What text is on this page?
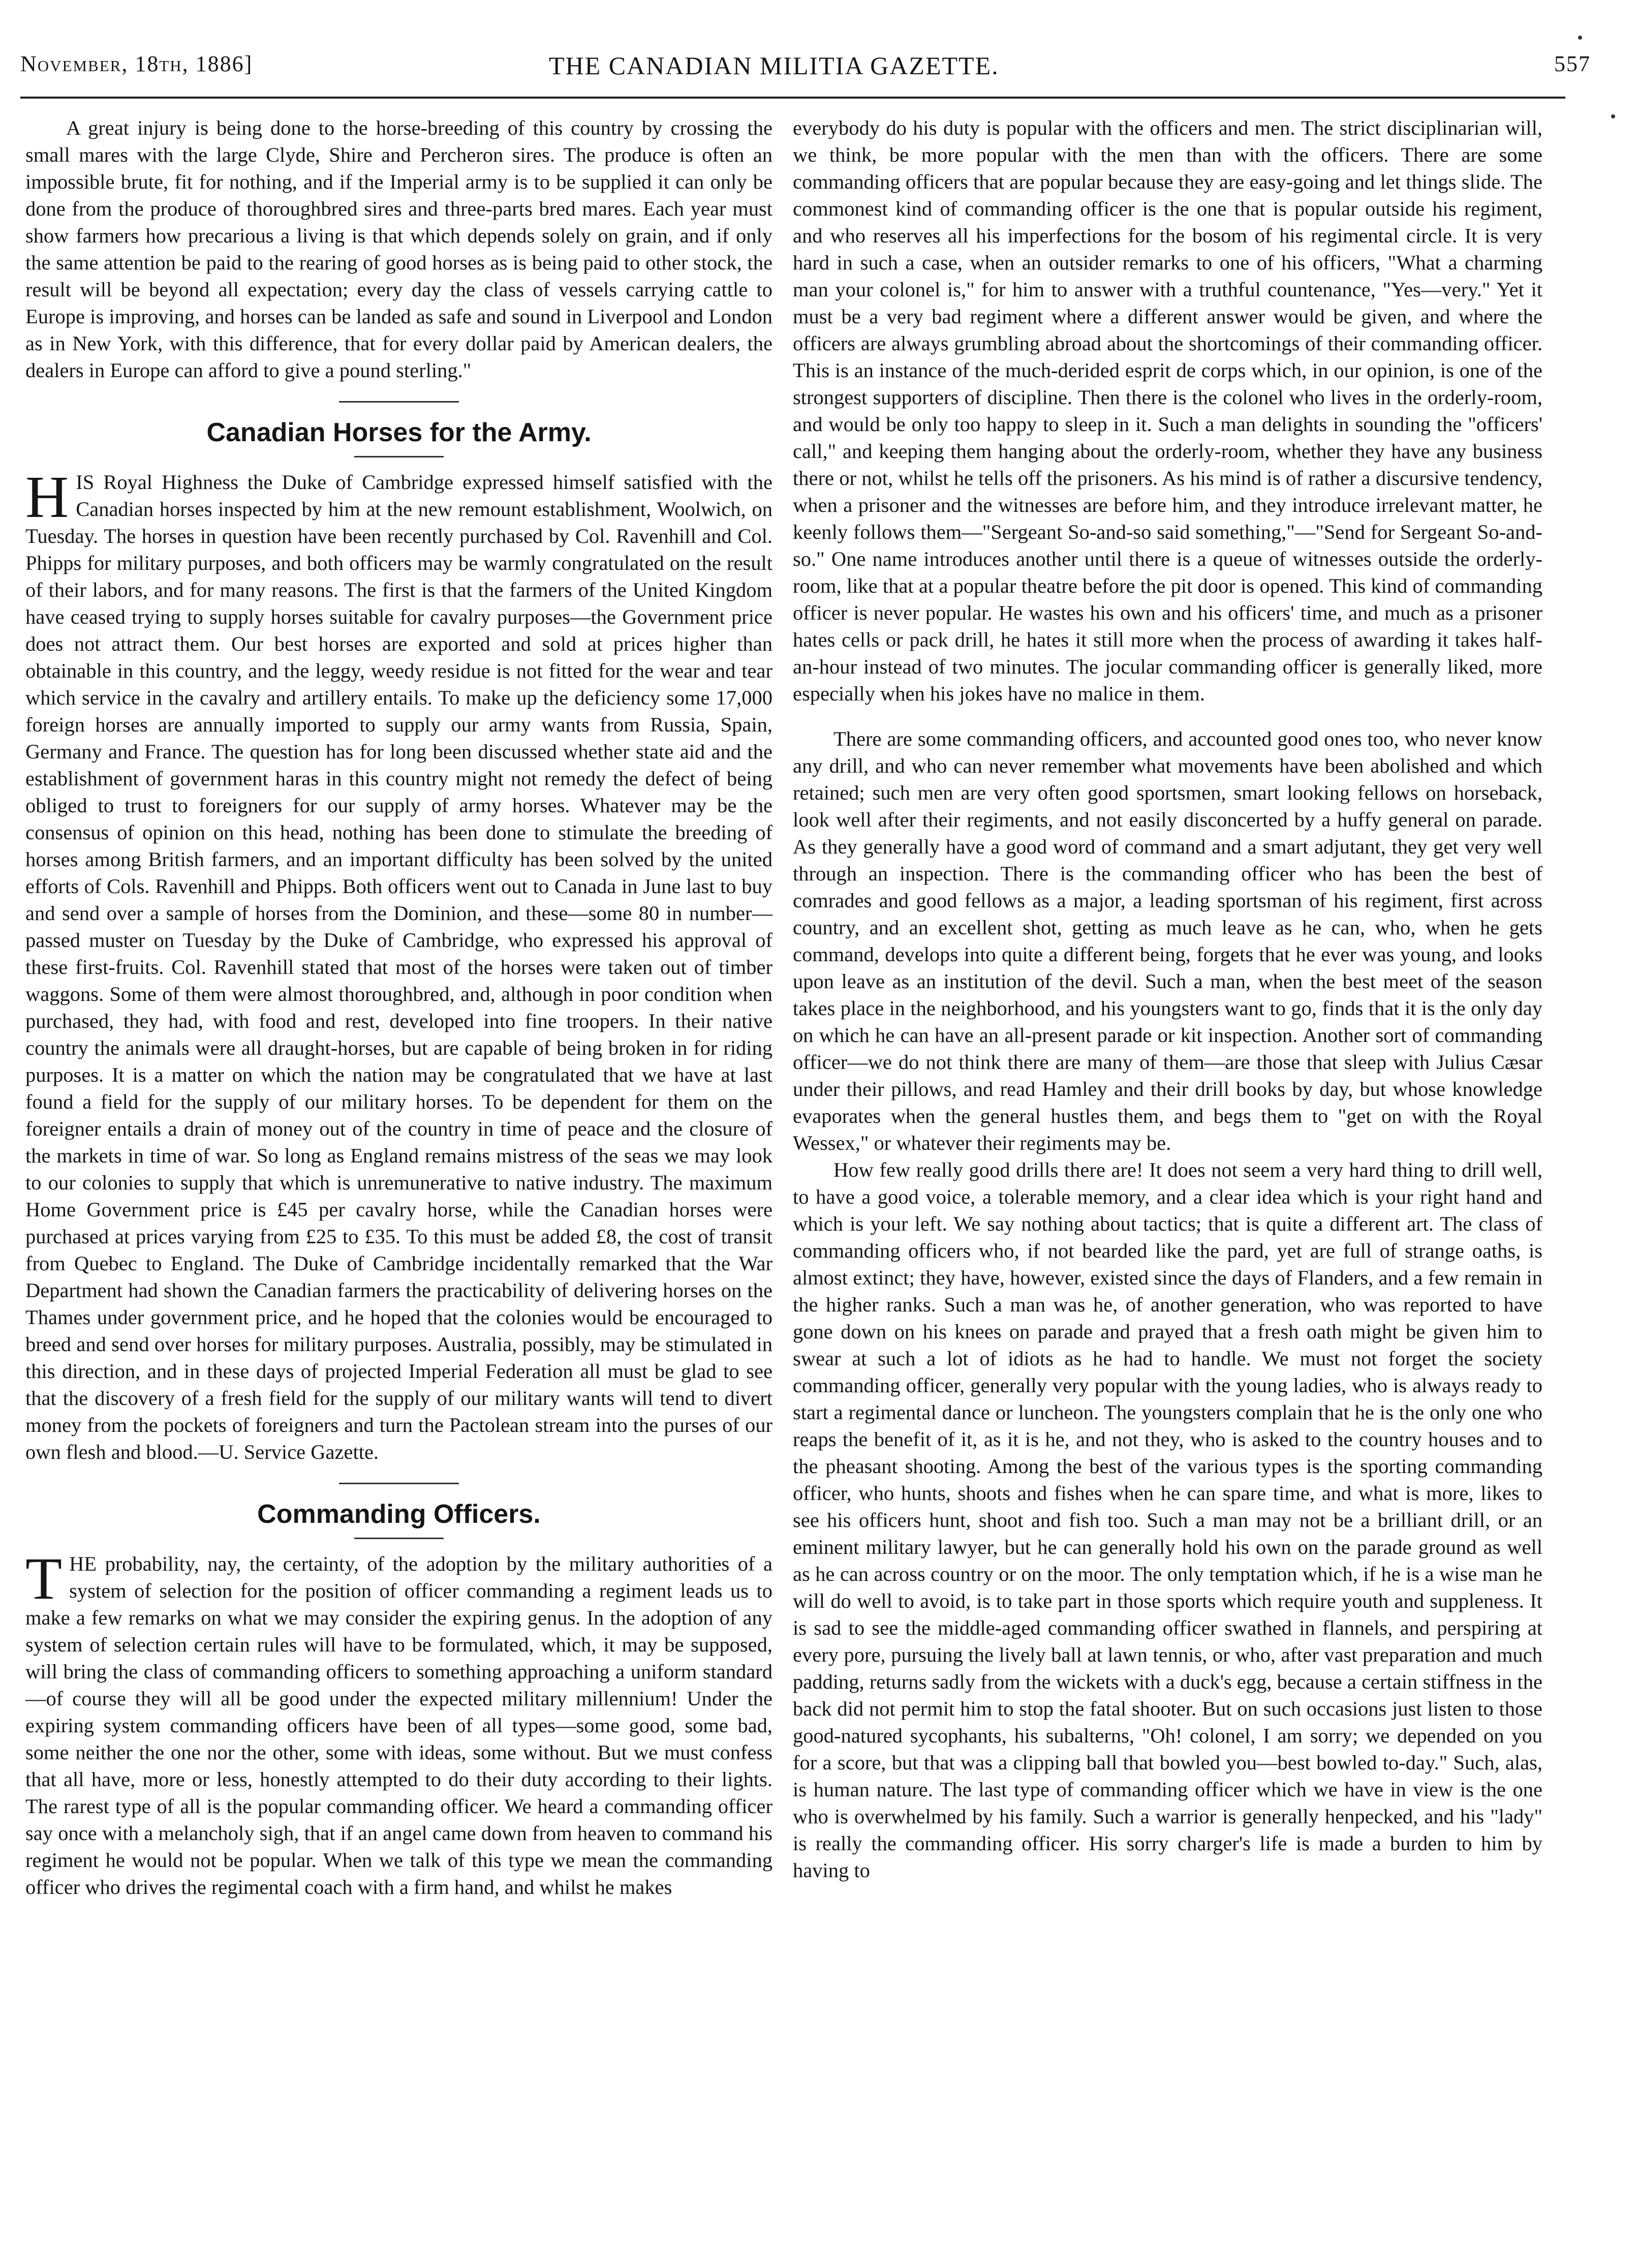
November, 18th, 1886]	THE CANADIAN MILITIA GAZETTE.	557

A great injury is being done to the horse-breeding of this country by crossing the small mares with the large Clyde, Shire and Percheron sires. The produce is often an impossible brute, fit for nothing, and if the Imperial army is to be supplied it can only be done from the produce of thoroughbred sires and three-parts bred mares. Each year must show farmers how precarious a living is that which depends solely on grain, and if only the same attention be paid to the rearing of good horses as is being paid to other stock, the result will be beyond all expectation; every day the class of vessels carrying cattle to Europe is improving, and horses can be landed as safe and sound in Liverpool and London as in New York, with this difference, that for every dollar paid by American dealers, the dealers in Europe can afford to give a pound sterling."

Canadian Horses for the Army.

HIS Royal Highness the Duke of Cambridge expressed himself satisfied with the Canadian horses inspected by him at the new remount establishment, Woolwich, on Tuesday. The horses in question have been recently purchased by Col. Ravenhill and Col. Phipps for military purposes, and both officers may be warmly congratulated on the result of their labors, and for many reasons. The first is that the farmers of the United Kingdom have ceased trying to supply horses suitable for cavalry purposes—the Government price does not attract them. Our best horses are exported and sold at prices higher than obtainable in this country, and the leggy, weedy residue is not fitted for the wear and tear which service in the cavalry and artillery entails. To make up the deficiency some 17,000 foreign horses are annually imported to supply our army wants from Russia, Spain, Germany and France. The question has for long been discussed whether state aid and the establishment of government haras in this country might not remedy the defect of being obliged to trust to foreigners for our supply of army horses. Whatever may be the consensus of opinion on this head, nothing has been done to stimulate the breeding of horses among British farmers, and an important difficulty has been solved by the united efforts of Cols. Ravenhill and Phipps. Both officers went out to Canada in June last to buy and send over a sample of horses from the Dominion, and these—some 80 in number—passed muster on Tuesday by the Duke of Cambridge, who expressed his approval of these first-fruits. Col. Ravenhill stated that most of the horses were taken out of timber waggons. Some of them were almost thoroughbred, and, although in poor condition when purchased, they had, with food and rest, developed into fine troopers. In their native country the animals were all draught-horses, but are capable of being broken in for riding purposes. It is a matter on which the nation may be congratulated that we have at last found a field for the supply of our military horses. To be dependent for them on the foreigner entails a drain of money out of the country in time of peace and the closure of the markets in time of war. So long as England remains mistress of the seas we may look to our colonies to supply that which is unremunerative to native industry. The maximum Home Government price is £45 per cavalry horse, while the Canadian horses were purchased at prices varying from £25 to £35. To this must be added £8, the cost of transit from Quebec to England. The Duke of Cambridge incidentally remarked that the War Department had shown the Canadian farmers the practicability of delivering horses on the Thames under government price, and he hoped that the colonies would be encouraged to breed and send over horses for military purposes. Australia, possibly, may be stimulated in this direction, and in these days of projected Imperial Federation all must be glad to see that the discovery of a fresh field for the supply of our military wants will tend to divert money from the pockets of foreigners and turn the Pactolean stream into the purses of our own flesh and blood.—U. Service Gazette.

Commanding Officers.

THE probability, nay, the certainty, of the adoption by the military authorities of a system of selection for the position of officer commanding a regiment leads us to make a few remarks on what we may consider the expiring genus. In the adoption of any system of selection certain rules will have to be formulated, which, it may be supposed, will bring the class of commanding officers to something approaching a uniform standard—of course they will all be good under the expected military millennium! Under the expiring system commanding officers have been of all types—some good, some bad, some neither the one nor the other, some with ideas, some without. But we must confess that all have, more or less, honestly attempted to do their duty according to their lights. The rarest type of all is the popular commanding officer. We heard a commanding officer say once with a melancholy sigh, that if an angel came down from heaven to command his regiment he would not be popular. When we talk of this type we mean the commanding officer who drives the regimental coach with a firm hand, and whilst he makes

everybody do his duty is popular with the officers and men. The strict disciplinarian will, we think, be more popular with the men than with the officers. There are some commanding officers that are popular because they are easy-going and let things slide. The commonest kind of commanding officer is the one that is popular outside his regiment, and who reserves all his imperfections for the bosom of his regimental circle. It is very hard in such a case, when an outsider remarks to one of his officers, "What a charming man your colonel is," for him to answer with a truthful countenance, "Yes—very." Yet it must be a very bad regiment where a different answer would be given, and where the officers are always grumbling abroad about the shortcomings of their commanding officer. This is an instance of the much-derided esprit de corps which, in our opinion, is one of the strongest supporters of discipline. Then there is the colonel who lives in the orderly-room, and would be only too happy to sleep in it. Such a man delights in sounding the "officers' call," and keeping them hanging about the orderly-room, whether they have any business there or not, whilst he tells off the prisoners. As his mind is of rather a discursive tendency, when a prisoner and the witnesses are before him, and they introduce irrelevant matter, he keenly follows them—"Sergeant So-and-so said something,"—"Send for Sergeant So-and-so." One name introduces another until there is a queue of witnesses outside the orderly-room, like that at a popular theatre before the pit door is opened. This kind of commanding officer is never popular. He wastes his own and his officers' time, and much as a prisoner hates cells or pack drill, he hates it still more when the process of awarding it takes half-an-hour instead of two minutes. The jocular commanding officer is generally liked, more especially when his jokes have no malice in them.

There are some commanding officers, and accounted good ones too, who never know any drill, and who can never remember what movements have been abolished and which retained; such men are very often good sportsmen, smart looking fellows on horseback, look well after their regiments, and not easily disconcerted by a huffy general on parade. As they generally have a good word of command and a smart adjutant, they get very well through an inspection. There is the commanding officer who has been the best of comrades and good fellows as a major, a leading sportsman of his regiment, first across country, and an excellent shot, getting as much leave as he can, who, when he gets command, develops into quite a different being, forgets that he ever was young, and looks upon leave as an institution of the devil. Such a man, when the best meet of the season takes place in the neighborhood, and his youngsters want to go, finds that it is the only day on which he can have an all-present parade or kit inspection. Another sort of commanding officer—we do not think there are many of them—are those that sleep with Julius Cæsar under their pillows, and read Hamley and their drill books by day, but whose knowledge evaporates when the general hustles them, and begs them to "get on with the Royal Wessex," or whatever their regiments may be.

How few really good drills there are! It does not seem a very hard thing to drill well, to have a good voice, a tolerable memory, and a clear idea which is your right hand and which is your left. We say nothing about tactics; that is quite a different art. The class of commanding officers who, if not bearded like the pard, yet are full of strange oaths, is almost extinct; they have, however, existed since the days of Flanders, and a few remain in the higher ranks. Such a man was he, of another generation, who was reported to have gone down on his knees on parade and prayed that a fresh oath might be given him to swear at such a lot of idiots as he had to handle. We must not forget the society commanding officer, generally very popular with the young ladies, who is always ready to start a regimental dance or luncheon. The youngsters complain that he is the only one who reaps the benefit of it, as it is he, and not they, who is asked to the country houses and to the pheasant shooting. Among the best of the various types is the sporting commanding officer, who hunts, shoots and fishes when he can spare time, and what is more, likes to see his officers hunt, shoot and fish too. Such a man may not be a brilliant drill, or an eminent military lawyer, but he can generally hold his own on the parade ground as well as he can across country or on the moor. The only temptation which, if he is a wise man he will do well to avoid, is to take part in those sports which require youth and suppleness. It is sad to see the middle-aged commanding officer swathed in flannels, and perspiring at every pore, pursuing the lively ball at lawn tennis, or who, after vast preparation and much padding, returns sadly from the wickets with a duck's egg, because a certain stiffness in the back did not permit him to stop the fatal shooter. But on such occasions just listen to those good-natured sycophants, his subalterns, "Oh! colonel, I am sorry; we depended on you for a score, but that was a clipping ball that bowled you—best bowled to-day." Such, alas, is human nature. The last type of commanding officer which we have in view is the one who is overwhelmed by his family. Such a warrior is generally henpecked, and his "lady" is really the commanding officer. His sorry charger's life is made a burden to him by having to
